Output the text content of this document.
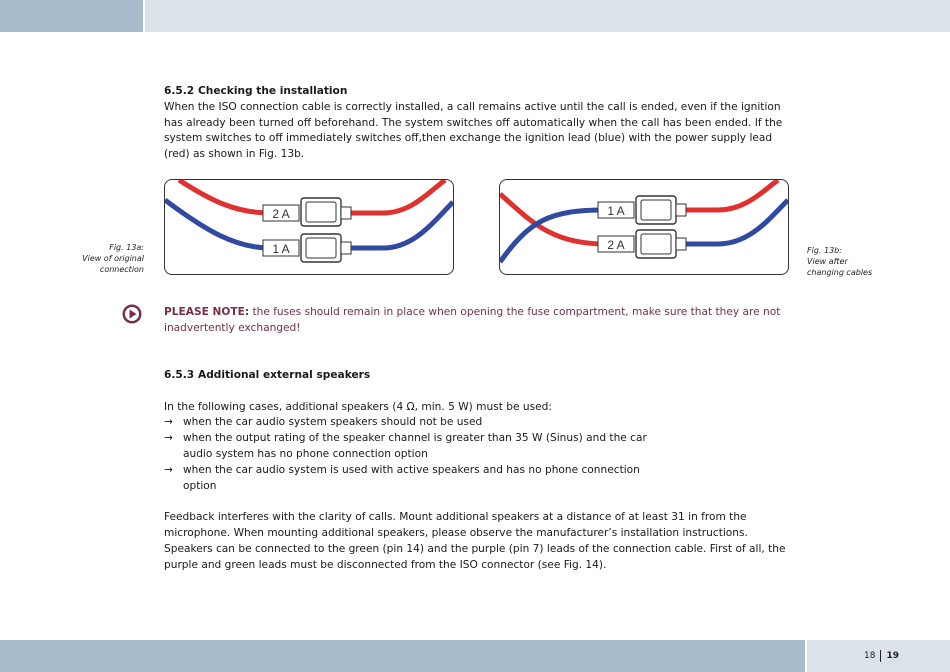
6.5.2 Checking the installation

When the ISO connection cable is correctly installed, a call remains active until the call is ended, even if the ignition has already been turned off beforehand. The system switches off automatically when the call has been ended. If the system switches to off immediately switches off,then exchange the ignition lead (blue) with the power supply lead (red) as shown in Fig. 13b.

Fig. 13a:
View of original
connection
2 A
1 A
1 A
2 A	Fig. 13b:
View after
changing cables
PLEASE NOTE: the fuses should remain in place when opening the fuse compartment, make sure that they are not inadvertently exchanged!
6.5.3 Additional external speakers

In the following cases, additional speakers (4 Ω, min. 5 W) must be used:

→ when the car audio system speakers should not be used
→ when the output rating of the speaker channel is greater than 35 W (Sinus) and the car audio system has no phone connection option
→ when the car audio system is used with active speakers and has no phone connection option

Feedback interferes with the clarity of calls. Mount additional speakers at a distance of at least 31 in from the microphone. When mounting additional speakers, please observe the manufacturer’s installation instructions. Speakers can be connected to the green (pin 14) and the purple (pin 7) leads of the connection cable. First of all, the purple and green leads must be disconnected from the ISO connector (see Fig. 14).

18 19
